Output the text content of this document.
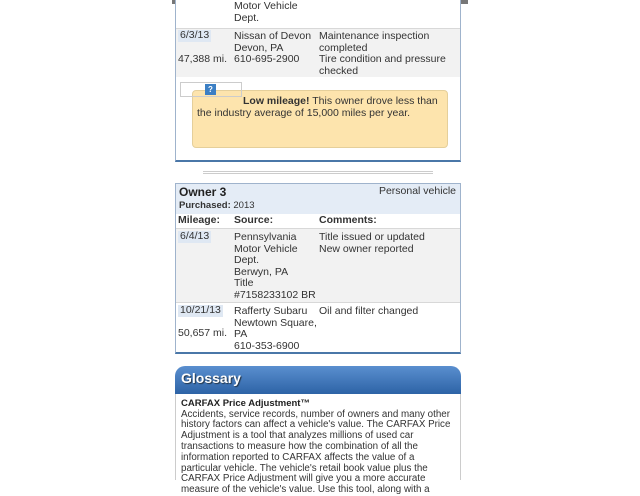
Motor Vehicle
Dept.
6/3/13
47,388 mi.
Nissan of Devon
Devon, PA
610-695-2900
Maintenance inspection
completed
Tire condition and pressure
checked
Low mileage! This owner drove less than the industry average of 15,000 miles per year.
?
Owner 3	Personal vehicle
Purchased: 2013
Mileage: Source:	Comments:
6/4/13 Pennsylvania
Motor Vehicle
Dept.
Berwyn, PA
Title
#7158233102 BR
Title issued or updated
New owner reported
10/21/13
50,657 mi.
Rafferty Subaru
Newtown Square,
PA
610-353-6900
Oil and filter changed
Glossary
CARFAX Price Adjustment™
Accidents, service records, number of owners and many other history factors can affect a vehicle's value. The CARFAX Price Adjustment is a tool that analyzes millions of used car transactions to measure how the combination of all the information reported to CARFAX affects the value of a particular vehicle. The vehicle's retail book value plus the CARFAX Price Adjustment will give you a more accurate measure of the vehicle's value. Use this tool, along with a
